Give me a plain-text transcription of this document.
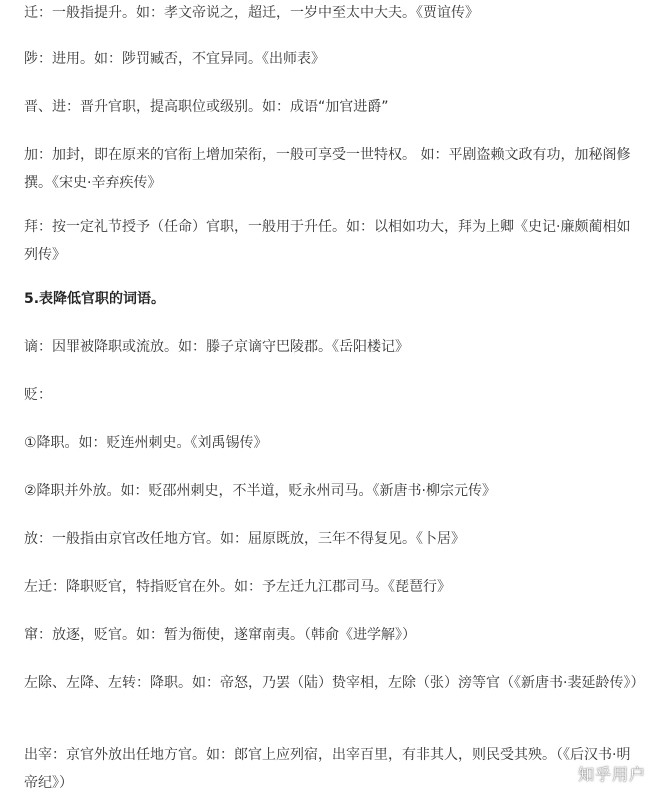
迁：一般指提升。如：孝文帝说之，超迁，一岁中至太中大夫。《贾谊传》

陟：进用。如：陟罚臧否，不宜异同。《出师表》

晋、进：晋升官职，提高职位或级别。如：成语“加官进爵”

加：加封，即在原来的官衔上增加荣衔，一般可享受一世特权。 如：平剧盗赖文政有功，加秘阁修撰。《宋史·辛弃疾传》

拜：按一定礼节授予（任命）官职，一般用于升任。如：以相如功大，拜为上卿《史记·廉颇蔺相如列传》

5.表降低官职的词语。

谪：因罪被降职或流放。如：滕子京谪守巴陵郡。《岳阳楼记》

贬：

①降职。如：贬连州刺史。《刘禹锡传》

②降职并外放。如：贬邵州刺史，不半道，贬永州司马。《新唐书·柳宗元传》

放：一般指由京官改任地方官。如：屈原既放，三年不得复见。《卜居》

左迁：降职贬官，特指贬官在外。如：予左迁九江郡司马。《琵琶行》

窜：放逐，贬官。如：暂为衙使，遂窜南夷。（韩俞《进学解》）

左除、左降、左转：降职。如：帝怒，乃罢（陆）贽宰相，左除（张）滂等官（《新唐书·裴延龄传》）

出宰：京官外放出任地方官。如：郎官上应列宿，出宰百里，有非其人，则民受其殃。（《后汉书·明帝纪》）	知乎用户
